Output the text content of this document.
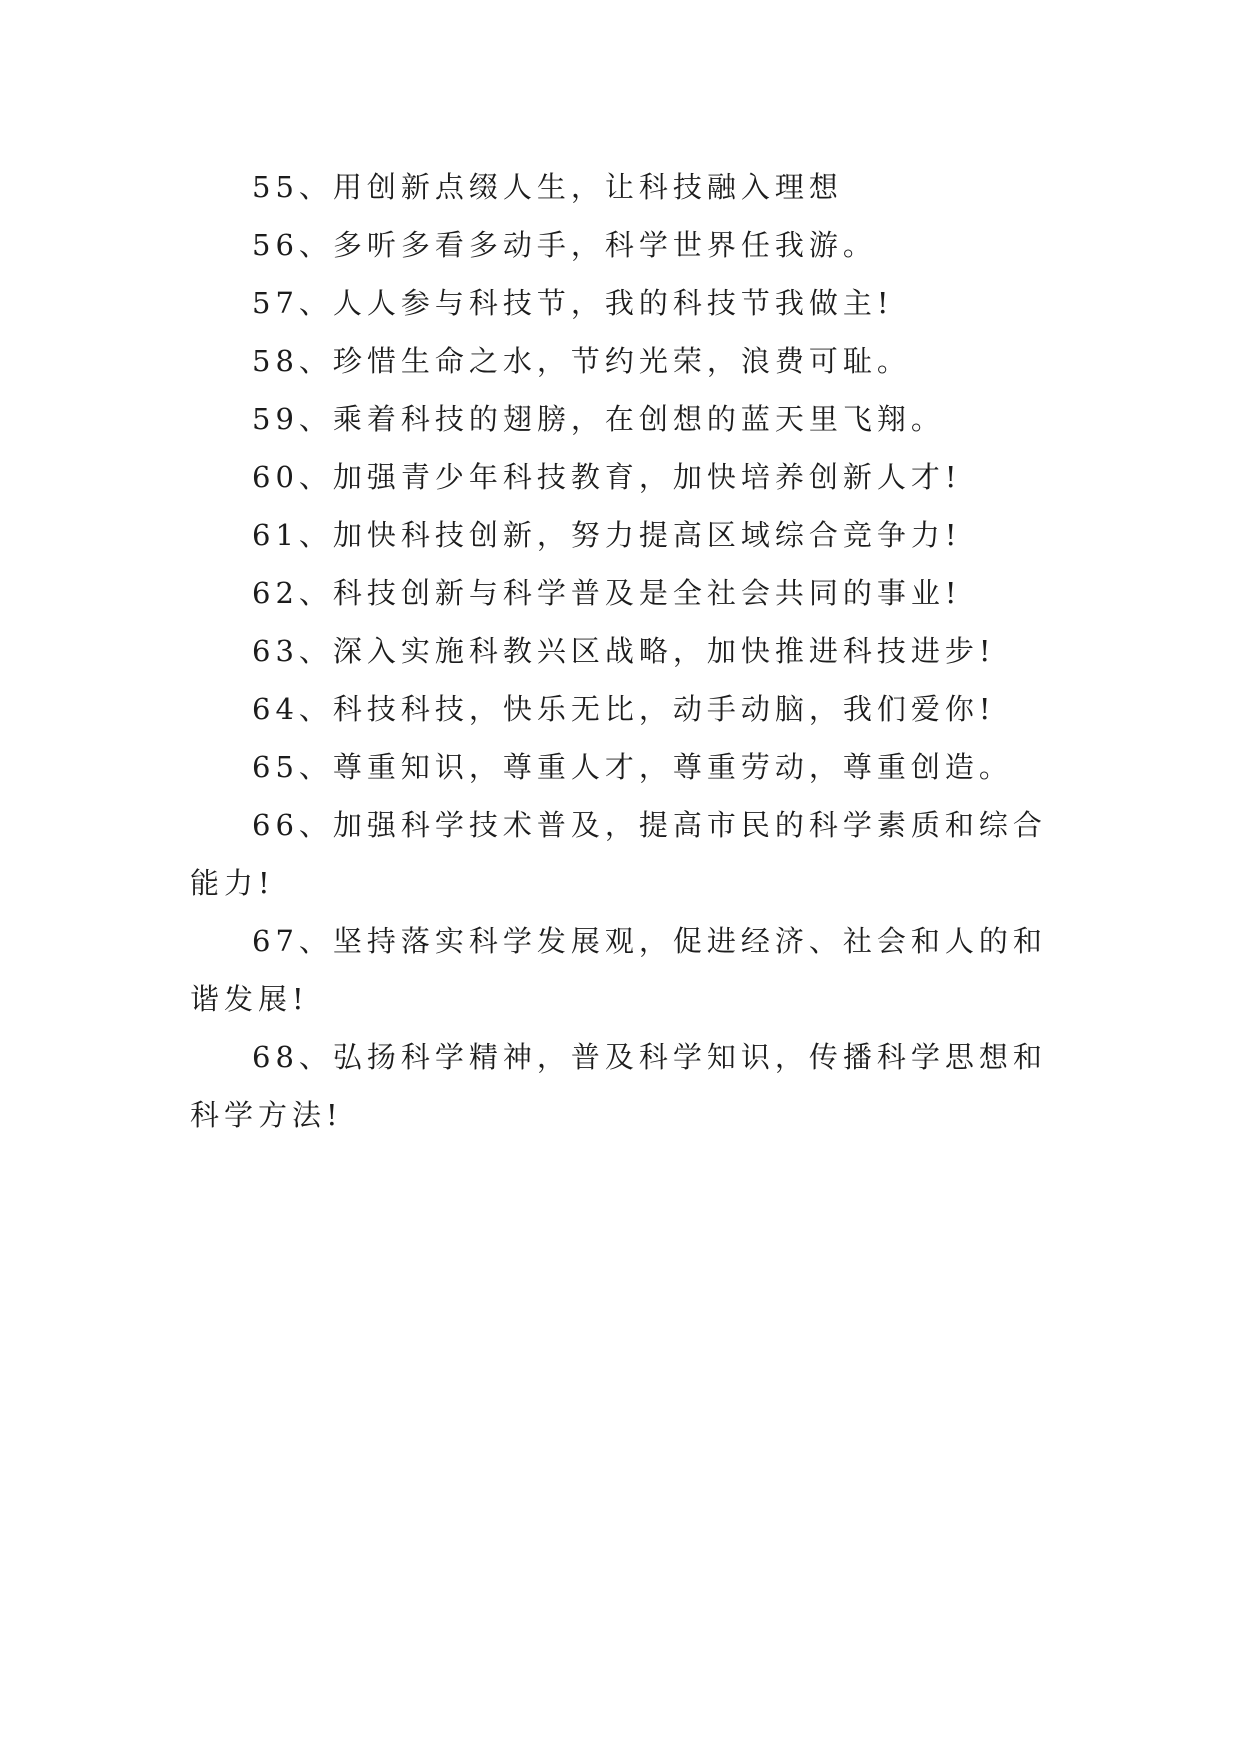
55、用创新点缀人生，让科技融入理想

56、多听多看多动手，科学世界任我游。

57、人人参与科技节，我的科技节我做主!

58、珍惜生命之水，节约光荣，浪费可耻。

59、乘着科技的翅膀，在创想的蓝天里飞翔。

60、加强青少年科技教育，加快培养创新人才!

61、加快科技创新，努力提高区域综合竞争力!

62、科技创新与科学普及是全社会共同的事业!

63、深入实施科教兴区战略，加快推进科技进步!

64、科技科技，快乐无比，动手动脑，我们爱你!

65、尊重知识，尊重人才，尊重劳动，尊重创造。

66、加强科学技术普及，提高市民的科学素质和综合能力!

67、坚持落实科学发展观，促进经济、社会和人的和谐发展!

68、弘扬科学精神，普及科学知识，传播科学思想和科学方法!
